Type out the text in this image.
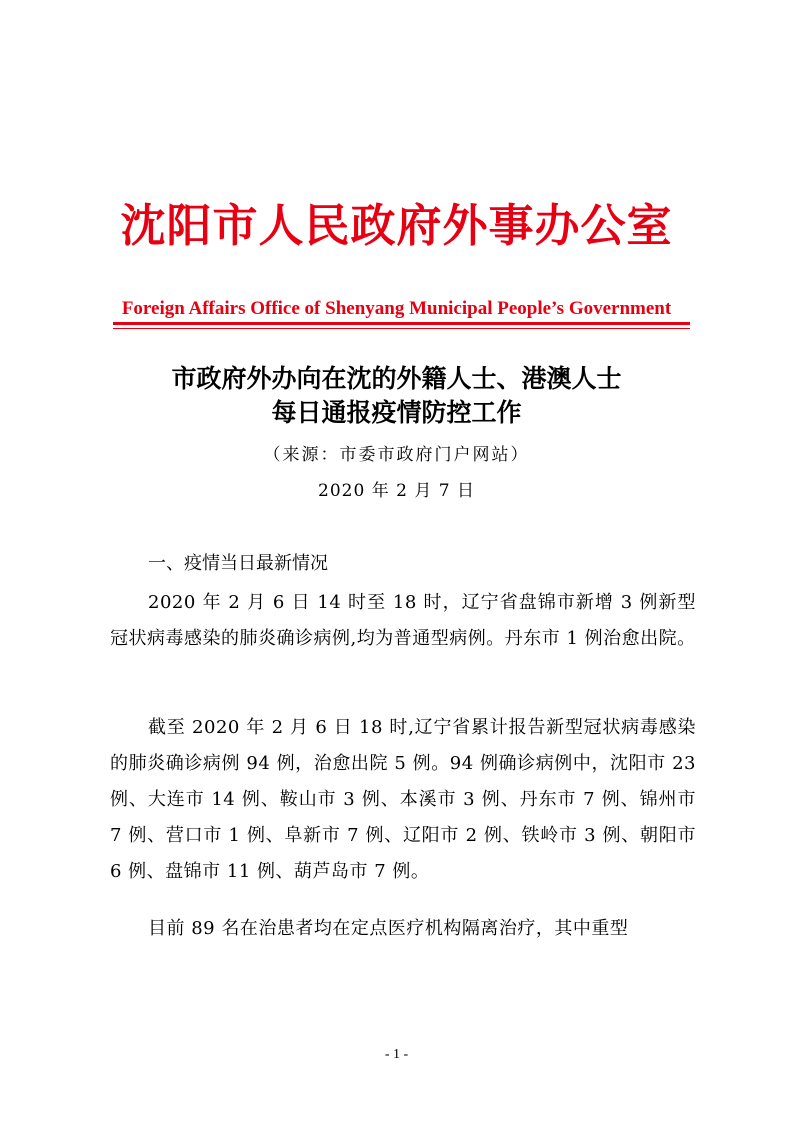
沈阳市人民政府外事办公室
Foreign Affairs Office of Shenyang Municipal People’s Government
市政府外办向在沈的外籍人士、港澳人士
每日通报疫情防控工作
（来源：市委市政府门户网站）
2020 年 2 月 7 日
一、疫情当日最新情况

2020 年 2 月 6 日 14 时至 18 时，辽宁省盘锦市新增 3 例新型冠状病毒感染的肺炎确诊病例,均为普通型病例。丹东市 1 例治愈出院。

截至 2020 年 2 月 6 日 18 时,辽宁省累计报告新型冠状病毒感染的肺炎确诊病例 94 例，治愈出院 5 例。94 例确诊病例中，沈阳市 23 例、大连市 14 例、鞍山市 3 例、本溪市 3 例、丹东市 7 例、锦州市 7 例、营口市 1 例、阜新市 7 例、辽阳市 2 例、铁岭市 3 例、朝阳市 6 例、盘锦市 11 例、葫芦岛市 7 例。

目前 89 名在治患者均在定点医疗机构隔离治疗，其中重型

- 1 -
